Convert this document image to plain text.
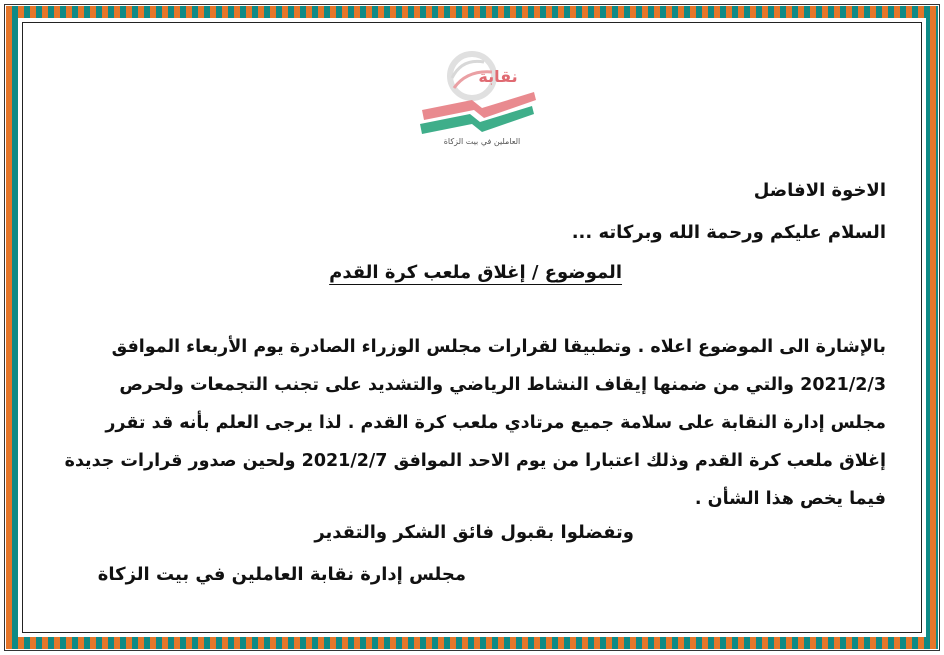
نقابة
العاملين في بيت الزكاة
الاخوة الافاضل
السلام عليكم ورحمة الله وبركاته ...
الموضوع / إغلاق ملعب كرة القدم

بالإشارة الى الموضوع اعلاه . وتطبيقا لقرارات مجلس الوزراء الصادرة يوم الأربعاء الموافق

2021/2/3 والتي من ضمنها إيقاف النشاط الرياضي والتشديد على تجنب التجمعات ولحرص

مجلس إدارة النقابة على سلامة جميع مرتادي ملعب كرة القدم . لذا يرجى العلم بأنه قد تقرر

إغلاق ملعب كرة القدم وذلك اعتبارا من يوم الاحد الموافق 2021/2/7 ولحين صدور قرارات جديدة

فيما يخص هذا الشأن .

وتفضلوا بقبول فائق الشكر والتقدير
مجلس إدارة نقابة العاملين في بيت الزكاة
